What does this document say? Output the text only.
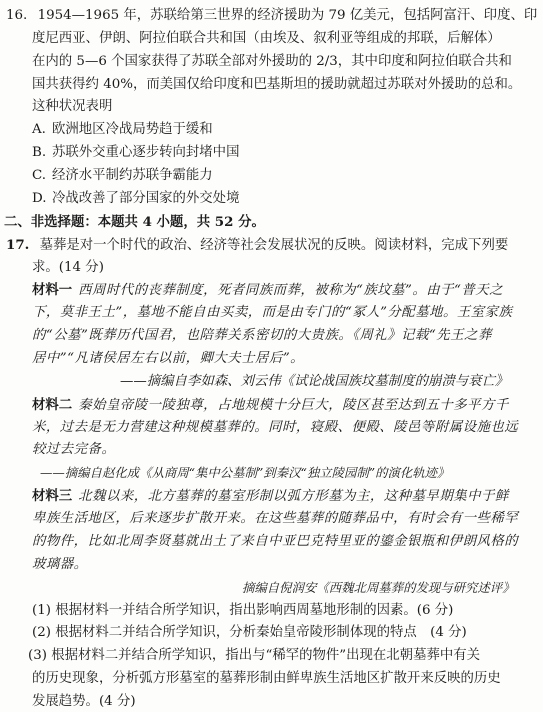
16. 1954—1965 年，苏联给第三世界的经济援助为 79 亿美元，包括阿富汗、印度、印
度尼西亚、伊朗、阿拉伯联合共和国（由埃及、叙利亚等组成的邦联，后解体）
在内的 5—6 个国家获得了苏联全部对外援助的 2/3，其中印度和阿拉伯联合共和
国共获得约 40%，而美国仅给印度和巴基斯坦的援助就超过苏联对外援助的总和。
这种状况表明
A. 欧洲地区冷战局势趋于缓和
B. 苏联外交重心逐步转向封堵中国
C. 经济水平制约苏联争霸能力
D. 冷战改善了部分国家的外交处境
二、非选择题：本题共 4 小题，共 52 分。
17. 墓葬是对一个时代的政治、经济等社会发展状况的反映。阅读材料，完成下列要
求。(14 分)
材料一 西周时代的丧葬制度，死者同族而葬，被称为“族坟墓”。由于“普天之
下，莫非王土”，墓地不能自由买卖，而是由专门的“冢人”分配墓地。王室家族
的“公墓”既葬历代国君，也陪葬关系密切的大贵族。《周礼》记载“先王之葬
居中”“凡诸侯居左右以前，卿大夫士居后”。
——摘编自李如森、刘云伟《试论战国族坟墓制度的崩溃与衰亡》
材料二 秦始皇帝陵一陵独尊，占地规模十分巨大，陵区甚至达到五十多平方千
米，过去是无力营建这种规模墓葬的。同时，寝殿、便殿、陵邑等附属设施也远
较过去完备。
——摘编自赵化成《从商周“集中公墓制”到秦汉“独立陵园制”的演化轨迹》
材料三 北魏以来，北方墓葬的墓室形制以弧方形墓为主，这种墓早期集中于鲜
卑族生活地区，后来逐步扩散开来。在这些墓葬的随葬品中，有时会有一些稀罕
的物件，比如北周李贤墓就出土了来自中亚巴克特里亚的鎏金银瓶和伊朗风格的
玻璃器。
摘编自倪润安《西魏北周墓葬的发现与研究述评》
(1) 根据材料一并结合所学知识，指出影响西周墓地形制的因素。(6 分)
(2) 根据材料二并结合所学知识，分析秦始皇帝陵形制体现的特点　(4 分)
(3) 根据材料二并结合所学知识，指出与“稀罕的物件”出现在北朝墓葬中有关
的历史现象，分析弧方形墓室的墓葬形制由鲜卑族生活地区扩散开来反映的历史
发展趋势。(4 分)
